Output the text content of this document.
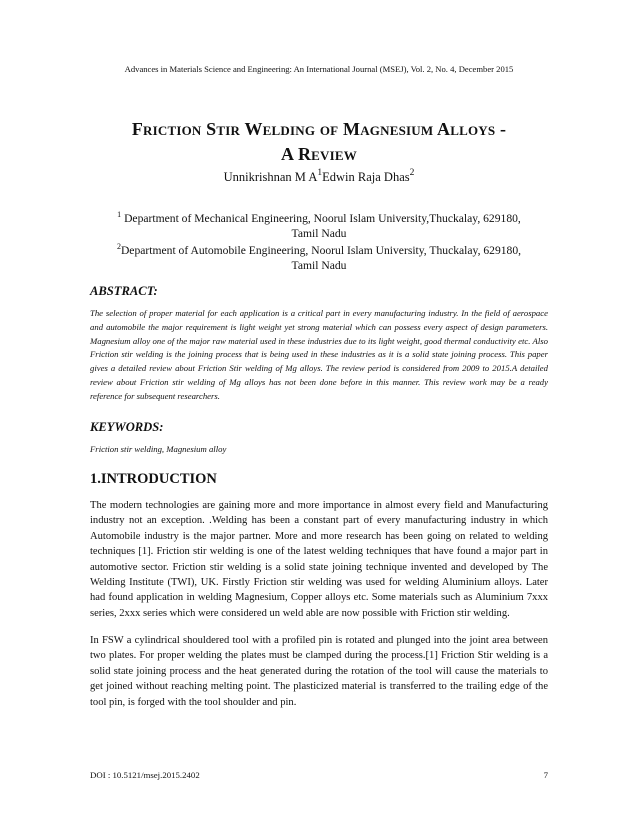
Advances in Materials Science and Engineering: An International Journal (MSEJ), Vol. 2, No. 4, December 2015
Friction Stir Welding of Magnesium Alloys -
A Review
Unnikrishnan M $A^1Edwin$ Raja Dhas$^2$
$^1$ Department of Mechanical Engineering, Noorul Islam University,Thuckalay, 629180,
Tamil Nadu
$^2$Department of Automobile Engineering, Noorul Islam University, Thuckalay, 629180,
Tamil Nadu
ABSTRACT:
The selection of proper material for each application is a critical part in every manufacturing industry. In the field of aerospace and automobile the major requirement is light weight yet strong material which can possess every aspect of design parameters. Magnesium alloy one of the major raw material used in these industries due to its light weight, good thermal conductivity etc. Also Friction stir welding is the joining process that is being used in these industries as it is a solid state joining process. This paper gives a detailed review about Friction Stir welding of Mg alloys. The review period is considered from 2009 to 2015.A detailed review about Friction stir welding of Mg alloys has not been done before in this manner. This review work may be a ready reference for subsequent researchers.
KEYWORDS:
Friction stir welding, Magnesium alloy
1.INTRODUCTION
The modern technologies are gaining more and more importance in almost every field and Manufacturing industry not an exception. .Welding has been a constant part of every manufacturing industry in which Automobile industry is the major partner. More and more research has been going on related to welding techniques [1]. Friction stir welding is one of the latest welding techniques that have found a major part in automotive sector. Friction stir welding is a solid state joining technique invented and developed by The Welding Institute (TWI), UK. Firstly Friction stir welding was used for welding Aluminium alloys. Later had found application in welding Magnesium, Copper alloys etc. Some materials such as Aluminium 7xxx series, 2xxx series which were considered un weld able are now possible with Friction stir welding.
In FSW a cylindrical shouldered tool with a profiled pin is rotated and plunged into the joint area between two plates. For proper welding the plates must be clamped during the process.[1] Friction Stir welding is a solid state joining process and the heat generated during the rotation of the tool will cause the materials to get joined without reaching melting point. The plasticized material is transferred to the trailing edge of the tool pin, is forged with the tool shoulder and pin.
DOI : 10.5121/msej.2015.2402	7
